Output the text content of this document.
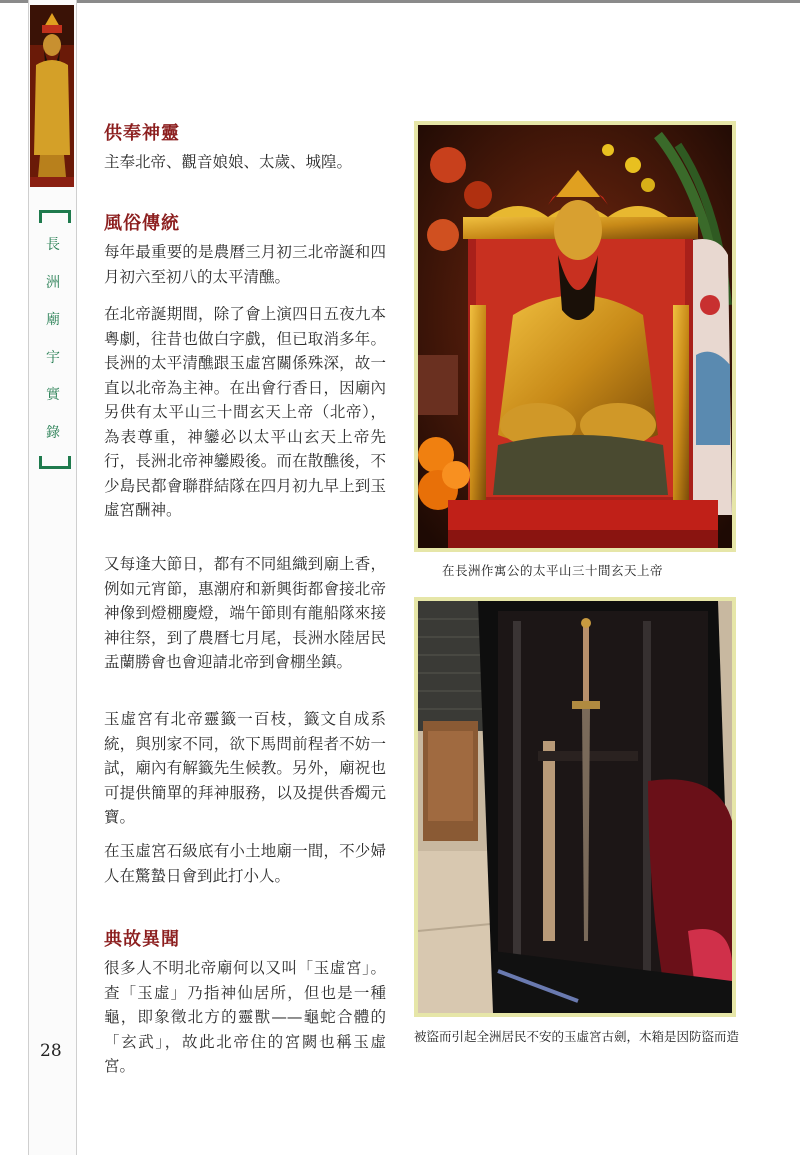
長
洲
廟
宇
實
錄
28
供奉神靈

主奉北帝、觀音娘娘、太歲、城隍。

風俗傳統

每年最重要的是農曆三月初三北帝誕和四月初六至初八的太平清醮。

在北帝誕期間，除了會上演四日五夜九本粵劇，往昔也做白字戲，但已取消多年。長洲的太平清醮跟玉虛宮關係殊深，故一直以北帝為主神。在出會行香日，因廟內另供有太平山三十間玄天上帝（北帝），為表尊重，神鑾必以太平山玄天上帝先行，長洲北帝神鑾殿後。而在散醮後，不少島民都會聯群結隊在四月初九早上到玉虛宮酬神。

又每逢大節日，都有不同組織到廟上香，例如元宵節，惠潮府和新興街都會接北帝神像到燈棚慶燈，端午節則有龍船隊來接神往祭，到了農曆七月尾，長洲水陸居民盂蘭勝會也會迎請北帝到會棚坐鎮。

玉虛宮有北帝靈籤一百枝，籤文自成系統，與別家不同，欲下馬問前程者不妨一試，廟內有解籤先生候教。另外，廟祝也可提供簡單的拜神服務，以及提供香燭元寶。

在玉虛宮石級底有小土地廟一間，不少婦人在驚蟄日會到此打小人。

典故異聞

很多人不明北帝廟何以又叫「玉虛宮」。查「玉虛」乃指神仙居所，但也是一種龜，即象徵北方的靈獸——龜蛇合體的「玄武」，故此北帝住的宮闕也稱玉虛宮。

在長洲作寓公的太平山三十間玄天上帝

被盜而引起全洲居民不安的玉虛宮古劍，木箱是因防盜而造
